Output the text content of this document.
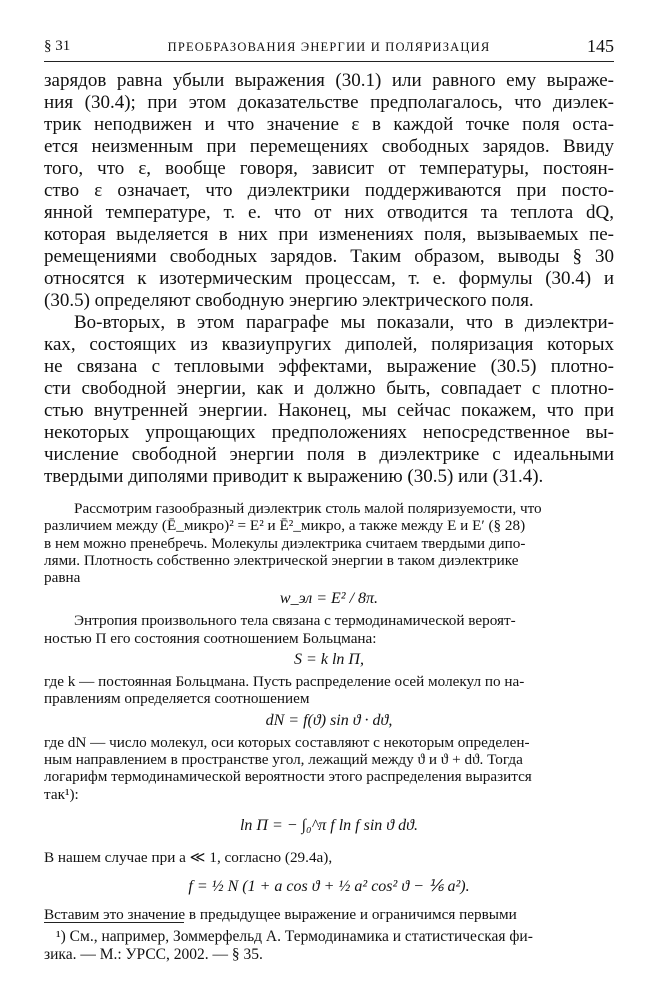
§ 31	ПРЕОБРАЗОВАНИЯ ЭНЕРГИИ И ПОЛЯРИЗАЦИЯ	145

зарядов равна убыли выражения (30.1) или равного ему выраже-

ния (30.4); при этом доказательстве предполагалось, что диэлек-

трик неподвижен и что значение ε в каждой точке поля оста-

ется неизменным при перемещениях свободных зарядов. Ввиду

того, что ε, вообще говоря, зависит от температуры, постоян-

ство ε означает, что диэлектрики поддерживаются при посто-

янной температуре, т. е. что от них отводится та теплота dQ,

которая выделяется в них при изменениях поля, вызываемых пе-

ремещениями свободных зарядов. Таким образом, выводы § 30

относятся к изотермическим процессам, т. е. формулы (30.4) и

(30.5) определяют свободную энергию электрического поля.

Во-вторых, в этом параграфе мы показали, что в диэлектри-

ках, состоящих из квазиупругих диполей, поляризация которых

не связана с тепловыми эффектами, выражение (30.5) плотно-

сти свободной энергии, как и должно быть, совпадает с плотно-

стью внутренней энергии. Наконец, мы сейчас покажем, что при

некоторых упрощающих предположениях непосредственное вы-

числение свободной энергии поля в диэлектрике с идеальными

твердыми диполями приводит к выражению (30.5) или (31.4).

Рассмотрим газообразный диэлектрик столь малой поляризуемости, что

различием между (Ē_микро)² = E² и Ē²_микро, а также между E и E′ (§ 28)

в нем можно пренебречь. Молекулы диэлектрика считаем твердыми дипо-

лями. Плотность собственно электрической энергии в таком диэлектрике

равна

w_эл = E² / 8π.

Энтропия произвольного тела связана с термодинамической вероят-

ностью П его состояния соотношением Больцмана:

S = k ln П,

где k — постоянная Больцмана. Пусть распределение осей молекул по на-

правлениям определяется соотношением

dN = f(ϑ) sin ϑ · dϑ,

где dN — число молекул, оси которых составляют с некоторым определен-

ным направлением в пространстве угол, лежащий между ϑ и ϑ + dϑ. Тогда

логарифм термодинамической вероятности этого распределения выразится

так¹):

ln П = − ∫₀^π f ln f sin ϑ dϑ.

В нашем случае при a ≪ 1, согласно (29.4а),

f = ½ N (1 + a cos ϑ + ½ a² cos² ϑ − ⅙ a²).

Вставим это значение в предыдущее выражение и ограничимся первыми

¹) См., например, Зоммерфельд А. Термодинамика и статистическая фи-
зика. — М.: УРСС, 2002. — § 35.
